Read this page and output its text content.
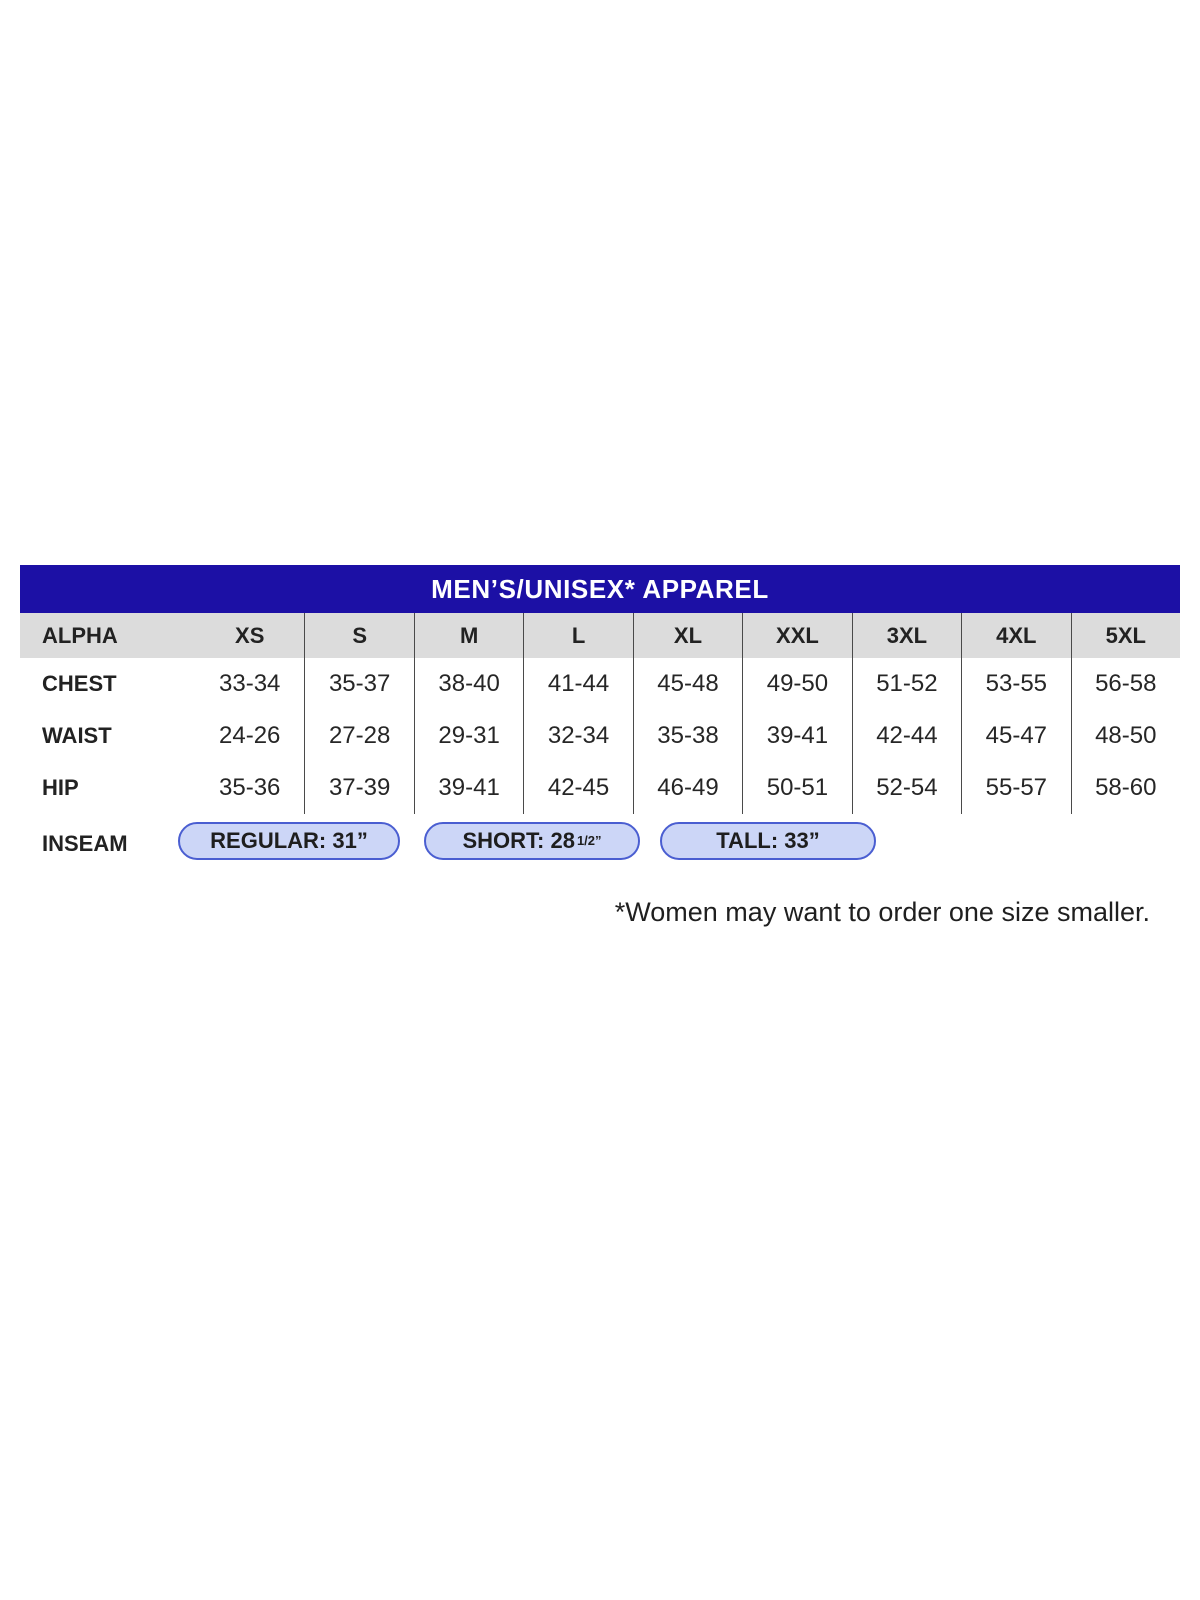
MEN’S/UNISEX* APPAREL
ALPHA	XS	S	M	L	XL	XXL	3XL	4XL	5XL
CHEST	33-34	35-37	38-40	41-44	45-48	49-50	51-52	53-55	56-58
WAIST	24-26	27-28	29-31	32-34	35-38	39-41	42-44	45-47	48-50
HIP	35-36	37-39	39-41	42-45	46-49	50-51	52-54	55-57	58-60
INSEAM	REGULAR: 31”	SHORT: 28 1/2”	TALL: 33”
*Women may want to order one size smaller.
